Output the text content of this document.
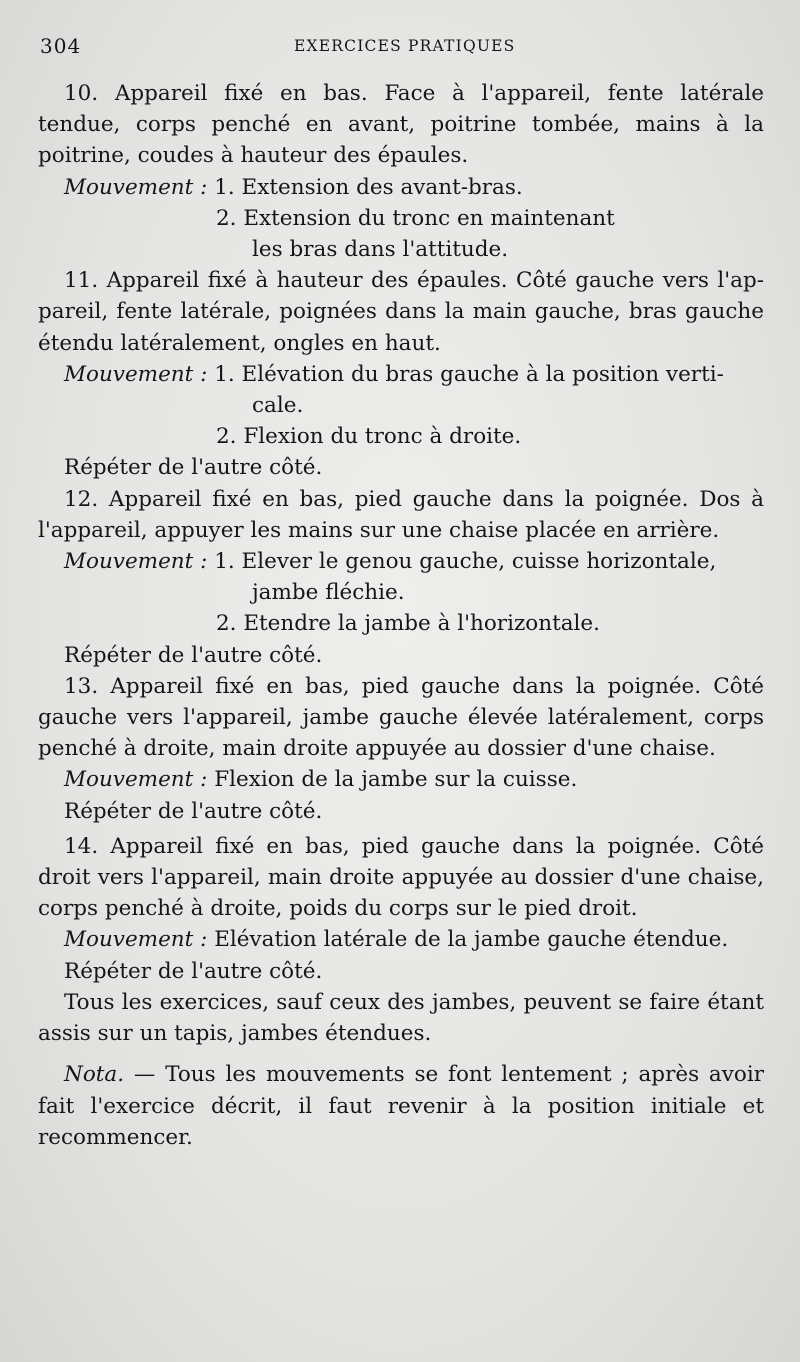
304	EXERCICES PRATIQUES

10. Appareil fixé en bas. Face à l'appareil, fente latérale tendue, corps penché en avant, poitrine tombée, mains à la poitrine, coudes à hauteur des épaules.

Mouvement : 1. Extension des avant-bras.

2. Extension du tronc en maintenant

les bras dans l'attitude.

11. Appareil fixé à hauteur des épaules. Côté gauche vers l'ap- pareil, fente latérale, poignées dans la main gauche, bras gauche étendu latéralement, ongles en haut.

Mouvement : 1. Elévation du bras gauche à la position verti-

cale.

2. Flexion du tronc à droite.

Répéter de l'autre côté.

12. Appareil fixé en bas, pied gauche dans la poignée. Dos à l'appareil, appuyer les mains sur une chaise placée en arrière.

Mouvement : 1. Elever le genou gauche, cuisse horizontale,

jambe fléchie.

2. Etendre la jambe à l'horizontale.

Répéter de l'autre côté.

13. Appareil fixé en bas, pied gauche dans la poignée. Côté gauche vers l'appareil, jambe gauche élevée latéralement, corps penché à droite, main droite appuyée au dossier d'une chaise.

Mouvement : Flexion de la jambe sur la cuisse.

Répéter de l'autre côté.

14. Appareil fixé en bas, pied gauche dans la poignée. Côté droit vers l'appareil, main droite appuyée au dossier d'une chaise, corps penché à droite, poids du corps sur le pied droit.

Mouvement : Elévation latérale de la jambe gauche étendue.

Répéter de l'autre côté.

Tous les exercices, sauf ceux des jambes, peuvent se faire étant assis sur un tapis, jambes étendues.

Nota. — Tous les mouvements se font lentement ; après avoir fait l'exercice décrit, il faut revenir à la position initiale et recommencer.
